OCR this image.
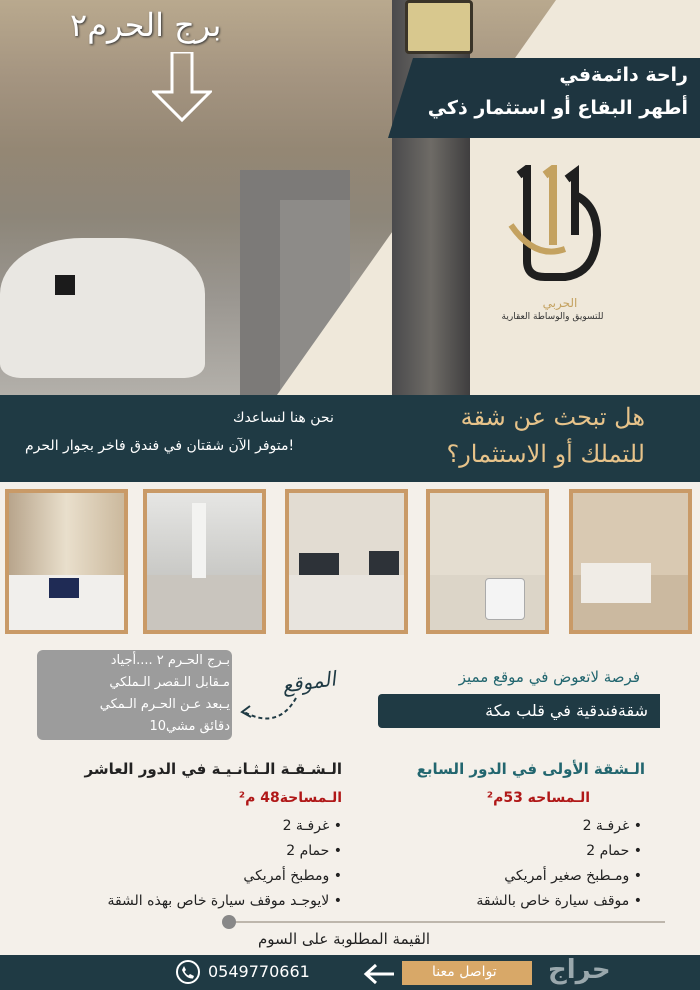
برج الحرم٢
راحة دائمةفي
أطهر البقاع أو استثمار ذكي
الحربي
للتسويق والوساطة العقارية
هل تبحث عن شقة
للتملك أو الاستثمار؟
نحن هنا لنساعدك
متوفر الآن شقتان في فندق فاخر بجوار الحرم!
بـرج الحـرم ٢ ....أجياد
مـقابل الـقصر الـملكي
يـبعد عـن الحـرم الـمكي
10دقائق مشي
الموقع	فرصة لاتعوض في موقع مميز
شقةفندقية في قلب مكة
الـشقة الأولى في الدور السابع
الـمساحه 53م²
2 غرفـة •
2 حمام •
ومـطبخ صغير أمريكي •
موقف سيارة خاص بالشقة •
الـشـقـة الـثـانـيـة في الدور العاشر
الـمساحة48 م²
2 غرفـة •
2 حمام •
ومطبخ أمريكي •
لايوجـد موقف سيارة خاص بهذه الشقة •
القيمة المطلوبة على السوم
0549770661	تواصل معنا حراج
